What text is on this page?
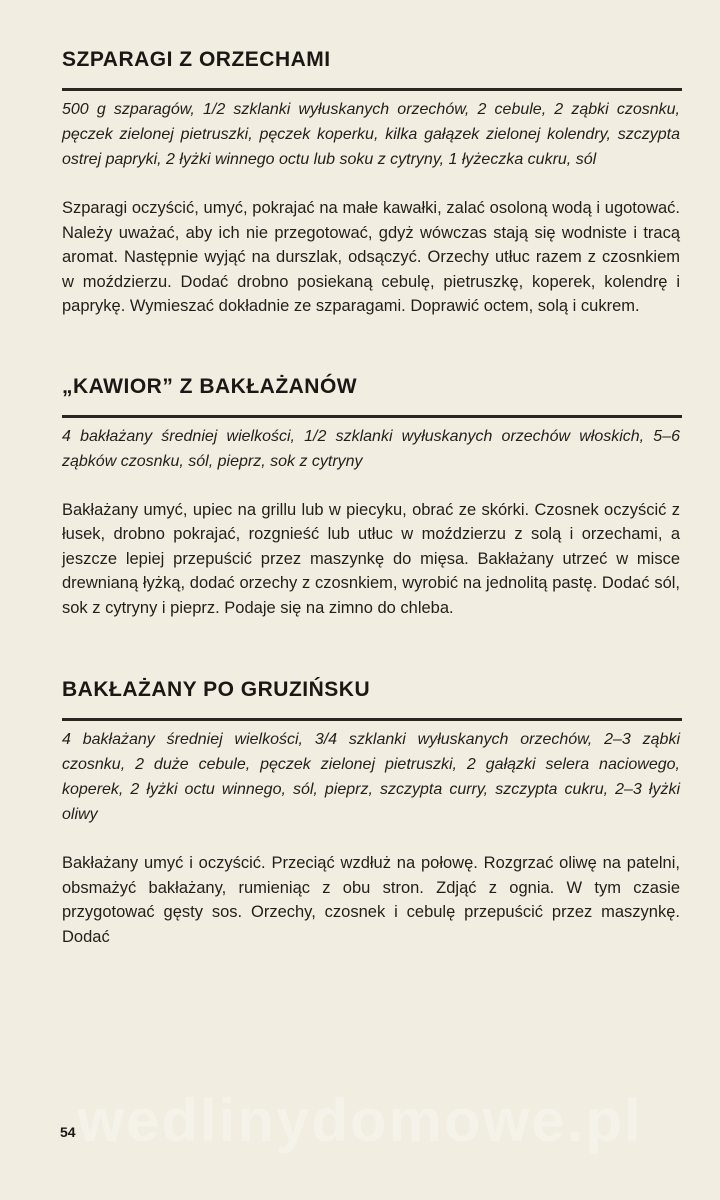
SZPARAGI Z ORZECHAMI

500 g szparagów, 1/2 szklanki wyłuskanych orzechów, 2 cebule, 2 ząbki czosnku, pęczek zielonej pietruszki, pęczek koperku, kilka gałązek zielonej kolendry, szczypta ostrej papryki, 2 łyżki winnego octu lub soku z cytryny, 1 łyżeczka cukru, sól

Szparagi oczyścić, umyć, pokrajać na małe kawałki, zalać osoloną wodą i ugotować. Należy uważać, aby ich nie przegotować, gdyż wówczas stają się wodniste i tracą aromat. Następnie wyjąć na durszlak, odsączyć. Orzechy utłuc razem z czosnkiem w moździerzu. Dodać drobno posiekaną cebulę, pietruszkę, koperek, kolendrę i paprykę. Wymieszać dokładnie ze szparagami. Doprawić octem, solą i cukrem.

„KAWIOR” Z BAKŁAŻANÓW

4 bakłażany średniej wielkości, 1/2 szklanki wyłuskanych orzechów włoskich, 5–6 ząbków czosnku, sól, pieprz, sok z cytryny

Bakłażany umyć, upiec na grillu lub w piecyku, obrać ze skórki. Czosnek oczyścić z łusek, drobno pokrajać, rozgnieść lub utłuc w moździerzu z solą i orzechami, a jeszcze lepiej przepuścić przez maszynkę do mięsa. Bakłażany utrzeć w misce drewnianą łyżką, dodać orzechy z czosnkiem, wyrobić na jednolitą pastę. Dodać sól, sok z cytryny i pieprz. Podaje się na zimno do chleba.

BAKŁAŻANY PO GRUZIŃSKU

4 bakłażany średniej wielkości, 3/4 szklanki wyłuskanych orzechów, 2–3 ząbki czosnku, 2 duże cebule, pęczek zielonej pietruszki, 2 gałązki selera naciowego, koperek, 2 łyżki octu winnego, sól, pieprz, szczypta curry, szczypta cukru, 2–3 łyżki oliwy

Bakłażany umyć i oczyścić. Przeciąć wzdłuż na połowę. Rozgrzać oliwę na patelni, obsmażyć bakłażany, rumieniąc z obu stron. Zdjąć z ognia. W tym czasie przygotować gęsty sos. Orzechy, czosnek i cebulę przepuścić przez maszynkę. Dodać

wedlinydomowe.pl
54
